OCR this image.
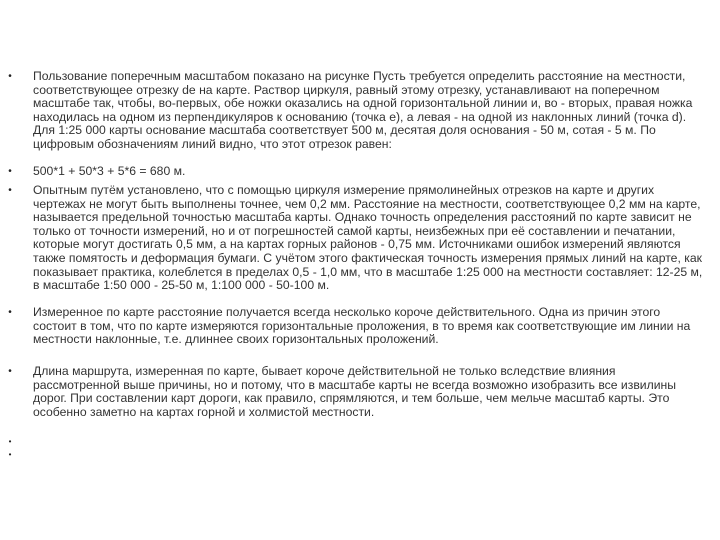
•	Пользование поперечным масштабом показано на рисунке Пусть требуется определить расстояние на местности, соответствующее отрезку de на карте. Раствор циркуля, равный этому отрезку, устанавливают на поперечном масштабе так, чтобы, во-первых, обе ножки оказались на одной горизонтальной линии и, во - вторых, правая ножка находилась на одном из перпендикуляров к основанию (точка e), а левая - на одной из наклонных линий (точка d). Для 1:25 000 карты основание масштаба соответствует 500 м, десятая доля основания - 50 м, сотая - 5 м. По цифровым обозначениям линий видно, что этот отрезок равен:
•	500*1 + 50*3 + 5*6 = 680 м.
•	Опытным путём установлено, что с помощью циркуля измерение прямолинейных отрезков на карте и других чертежах не могут быть выполнены точнее, чем 0,2 мм. Расстояние на местности, соответствующее 0,2 мм на карте, называется предельной точностью масштаба карты. Однако точность определения расстояний по карте зависит не только от точности измерений, но и от погрешностей самой карты, неизбежных при её составлении и печатании, которые могут достигать 0,5 мм, а на картах горных районов - 0,75 мм. Источниками ошибок измерений являются также помятость и деформация бумаги. С учётом этого фактическая точность измерения прямых линий на карте, как показывает практика, колеблется в пределах 0,5 - 1,0 мм, что в масштабе 1:25 000 на местности составляет: 12-25 м, в масштабе 1:50 000 - 25-50 м, 1:100 000 - 50-100 м.
•	Измеренное по карте расстояние получается всегда несколько короче действительного. Одна из причин этого состоит в том, что по карте измеряются горизонтальные проложения, в то время как соответствующие им линии на местности наклонные, т.е. длиннее своих горизонтальных проложений.
•	Длина маршрута, измеренная по карте, бывает короче действительной не только вследствие влияния рассмотренной выше причины, но и потому, что в масштабе карты не всегда возможно изобразить все извилины дорог. При составлении карт дороги, как правило, спрямляются, и тем больше, чем мельче масштаб карты. Это особенно заметно на картах горной и холмистой местности.
•
•
